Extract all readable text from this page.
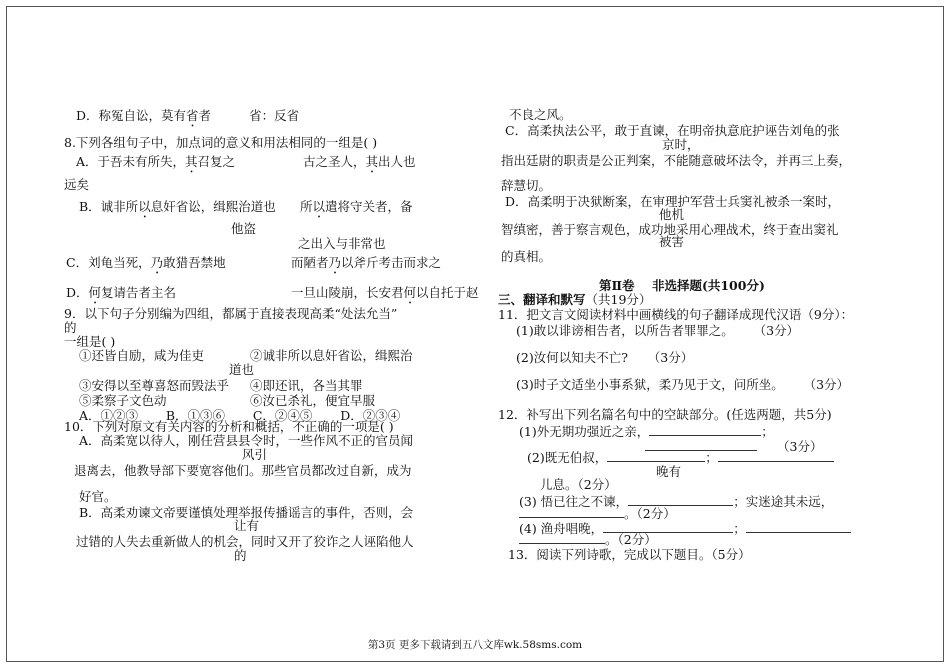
D．称冤自讼，莫有省者	省：反省
8.下列各组句子中，加点词的意义和用法相同的一组是( )
A．于吾未有所失，其召复之	古之圣人，其出人也
远矣
B．诚非所以息奸省讼，缉熙治道也 所以遣将守关者，备
他盗
之出入与非常也
C．刘龟当死，乃敢猎吾禁地	而陋者乃以斧斤考击而求之
D．何复请告者主名	一旦山陵崩，长安君何以自托于赵
9．以下句子分别编为四组，都属于直接表现高柔“处法允当”
的
一组是( )
①还皆自励，咸为佳吏	②诚非所以息奸省讼，缉熙治
道也
③安得以至尊喜怒而毁法乎 ④即还讯，各当其罪
⑤柔察子文色动	⑥汝已杀礼，便宜早服
A．①②③       B．①③⑥       C．②④⑤       D．②③④
10．下列对原文有关内容的分析和概括，不正确的一项是( )
A．高柔宽以待人，刚任营县县令时，一些作风不正的官员闻
风引
退离去，他教导部下要宽容他们。那些官员都改过自新，成为
好官。
B．高柔劝谏文帝要谨慎处理举报传播谣言的事件，否则，会
让有
过错的人失去重新做人的机会，同时又开了狡诈之人诬陷他人
的
不良之风。
C．高柔执法公平，敢于直谏，在明帝执意庇护诬告刘龟的张
京时，
指出廷尉的职责是公正判案，不能随意破坏法令，并再三上奏，
辞慧切。
D．高柔明于决狱断案，在审理护军营士兵窦礼被杀一案时，
他机
智缜密，善于察言观色，成功地采用心理战术，终于查出窦礼
被害
的真相。
第Ⅱ卷    非选择题(共100分)
三、翻译和默写（共19分）
11．把文言文阅读材料中画横线的句子翻译成现代汉语（9分）：
(1)敢以诽谤相告者，以所告者罪罪之。     （3分）
(2)汝何以知夫不亡?     （3分）
(3)时子文适坐小事系狱，柔乃见于文，问所坐。     （3分）
12．补写出下列名篇名句中的空缺部分。(任选两题，共5分)
(1)外无期功强近之亲，	；
（3分）
(2)既无伯叔，	；
晚有
儿息。（2分）
(3) 悟已往之不谏，	；实迷途其未远，
。（2分）
(4) 渔舟唱晚，	；
。（2分）
13．阅读下列诗歌，完成以下题目。（5分）
第3页 更多下载请到五八文库wk.58sms.com
